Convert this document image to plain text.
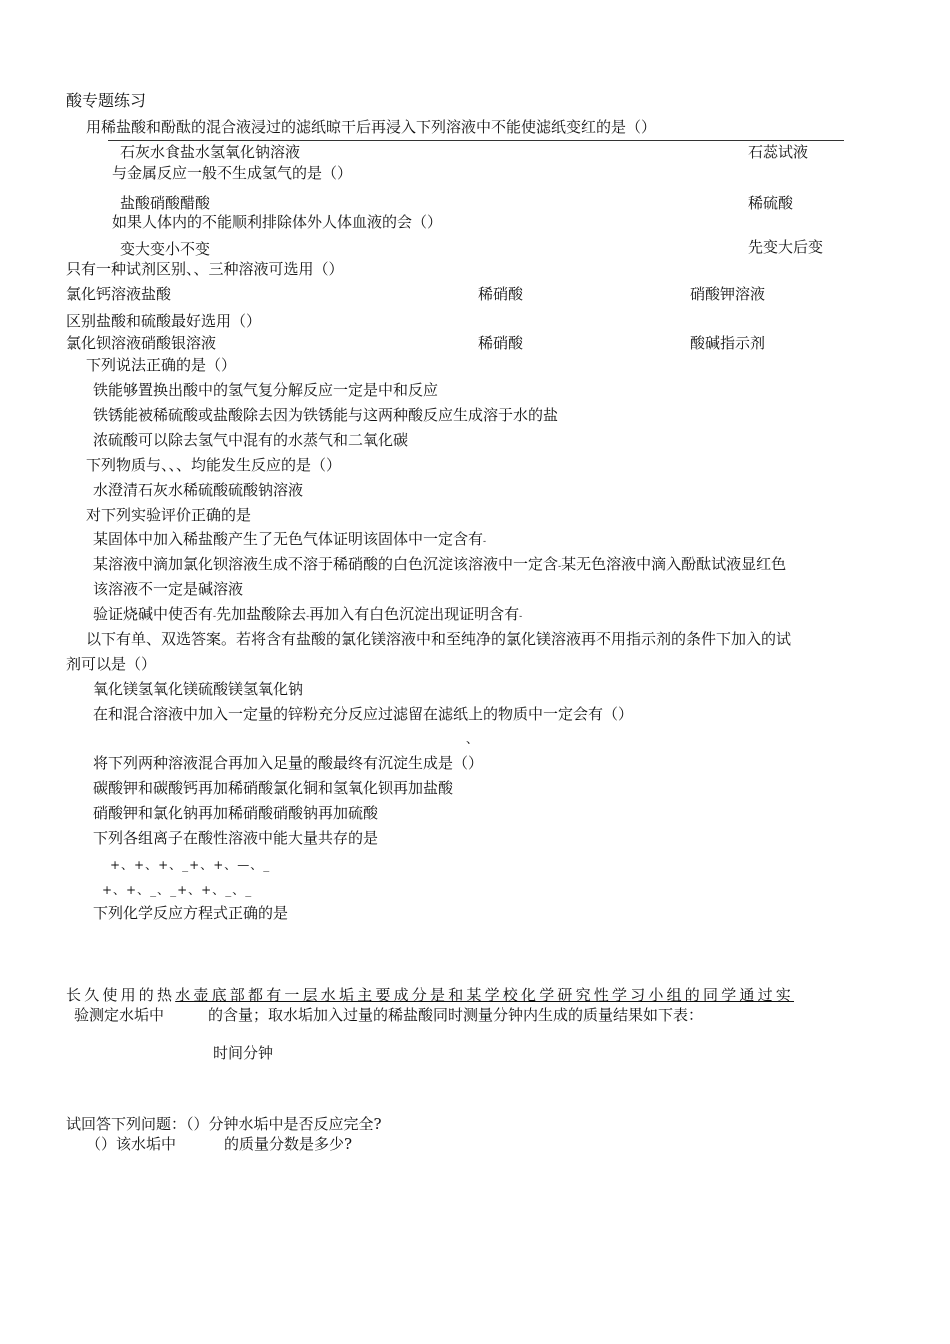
酸专题练习
用稀盐酸和酚酞的混合液浸过的滤纸晾干后再浸入下列溶液中不能使滤纸变红的是（）
石灰水食盐水氢氧化钠溶液	石蕊试液
与金属反应一般不生成氢气的是（）
盐酸硝酸醋酸	稀硫酸
如果人体内的不能顺利排除体外人体血液的会（）
变大变小不变	先变大后变
只有一种试剂区别、、三种溶液可选用（）
氯化钙溶液盐酸	稀硝酸	硝酸钾溶液
区别盐酸和硫酸最好选用（）
氯化钡溶液硝酸银溶液	稀硝酸	酸碱指示剂
下列说法正确的是（）
铁能够置换出酸中的氢气复分解反应一定是中和反应
铁锈能被稀硫酸或盐酸除去因为铁锈能与这两种酸反应生成溶于水的盐
浓硫酸可以除去氢气中混有的水蒸气和二氧化碳
下列物质与、、、均能发生反应的是（）
水澄清石灰水稀硫酸硫酸钠溶液
对下列实验评价正确的是
某固体中加入稀盐酸产生了无色气体证明该固体中一定含有-
某溶液中滴加氯化钡溶液生成不溶于稀硝酸的白色沉淀该溶液中一定含-某无色溶液中滴入酚酞试液显红色
该溶液不一定是碱溶液
验证烧碱中使否有-先加盐酸除去-再加入有白色沉淀出现证明含有-
以下有单、双选答案。若将含有盐酸的氯化镁溶液中和至纯净的氯化镁溶液再不用指示剂的条件下加入的试
剂可以是（）
氧化镁氢氧化镁硫酸镁氢氧化钠
在和混合溶液中加入一定量的锌粉充分反应过滤留在滤纸上的物质中一定会有（）
、
将下列两种溶液混合再加入足量的酸最终有沉淀生成是（）
碳酸钾和碳酸钙再加稀硝酸氯化铜和氢氧化钡再加盐酸
硝酸钾和氯化钠再加稀硝酸硝酸钠再加硫酸
下列各组离子在酸性溶液中能大量共存的是
+、+、+、_+、+、—、_
+、+、_、_+、+、_、_
下列化学反应方程式正确的是
长久使用的热水壶底部都有一层水垢主要成分是和某学校化学研究性学习小组的同学通过实
验测定水垢中	的含量；取水垢加入过量的稀盐酸同时测量分钟内生成的质量结果如下表：
时间分钟
试回答下列问题：（）分钟水垢中是否反应完全?
（）该水垢中	的质量分数是多少?
